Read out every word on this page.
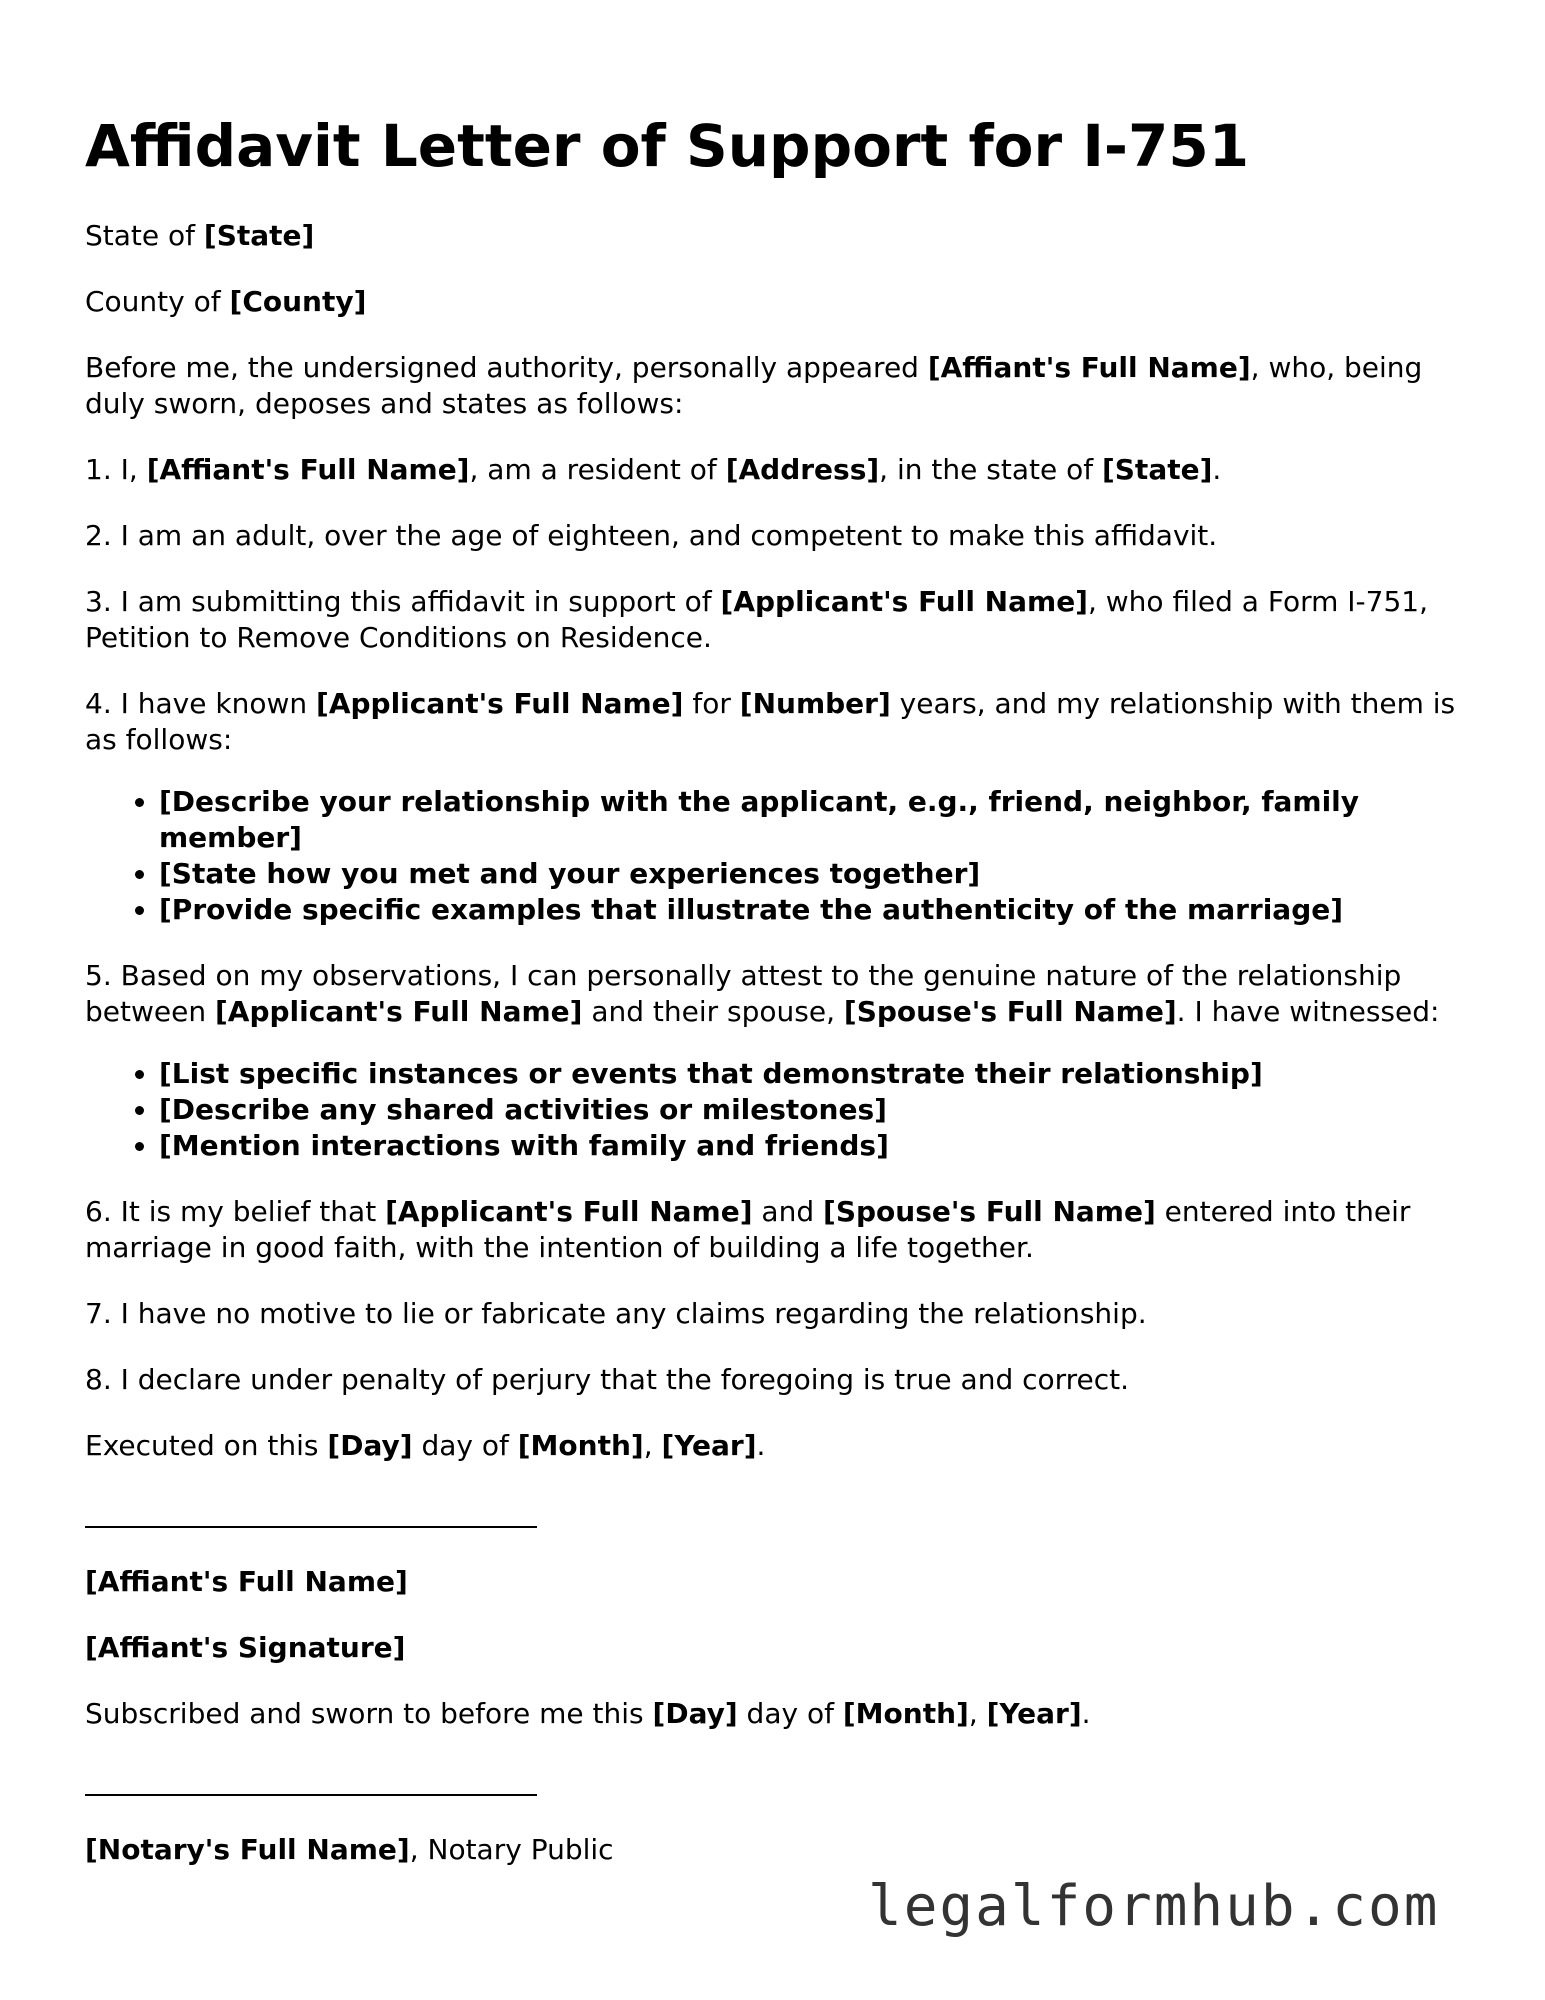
Affidavit Letter of Support for I-751

State of [State]

County of [County]

Before me, the undersigned authority, personally appeared [Affiant's Full Name], who, being duly sworn, deposes and states as follows:

1. I, [Affiant's Full Name], am a resident of [Address], in the state of [State].

2. I am an adult, over the age of eighteen, and competent to make this affidavit.

3. I am submitting this affidavit in support of [Applicant's Full Name], who filed a Form I-751, Petition to Remove Conditions on Residence.

4. I have known [Applicant's Full Name] for [Number] years, and my relationship with them is as follows:

• [Describe your relationship with the applicant, e.g., friend, neighbor, family member]
• [State how you met and your experiences together]
• [Provide specific examples that illustrate the authenticity of the marriage]

5. Based on my observations, I can personally attest to the genuine nature of the relationship between [Applicant's Full Name] and their spouse, [Spouse's Full Name]. I have witnessed:

• [List specific instances or events that demonstrate their relationship]
• [Describe any shared activities or milestones]
• [Mention interactions with family and friends]

6. It is my belief that [Applicant's Full Name] and [Spouse's Full Name] entered into their marriage in good faith, with the intention of building a life together.

7. I have no motive to lie or fabricate any claims regarding the relationship.

8. I declare under penalty of perjury that the foregoing is true and correct.

Executed on this [Day] day of [Month], [Year].

[Affiant's Full Name]

[Affiant's Signature]

Subscribed and sworn to before me this [Day] day of [Month], [Year].

[Notary's Full Name], Notary Public

legalformhub.com
